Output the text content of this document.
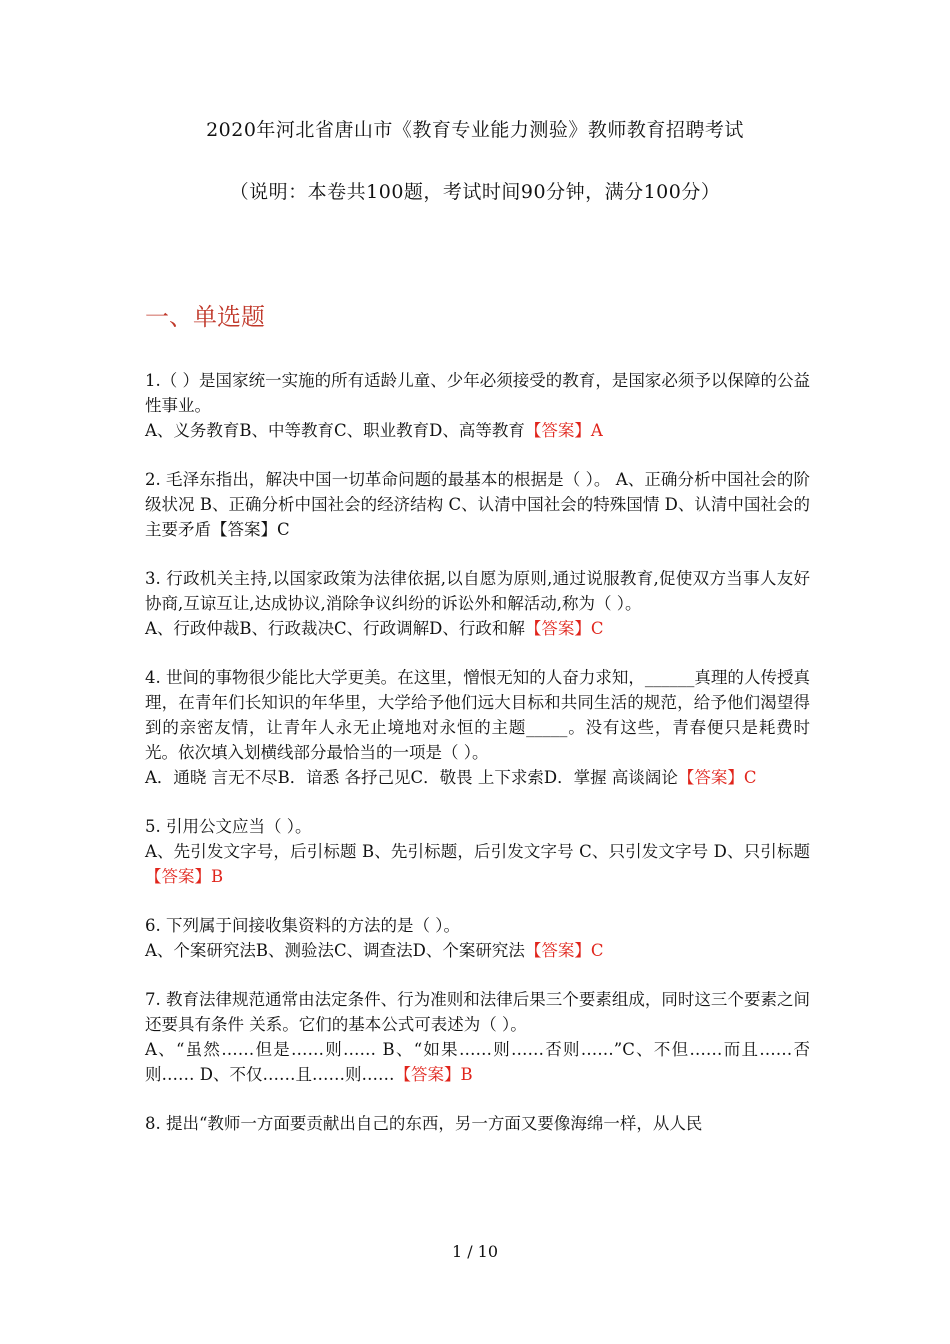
2020年河北省唐山市《教育专业能力测验》教师教育招聘考试
（说明：本卷共100题，考试时间90分钟，满分100分）
一、单选题

1.（ ）是国家统一实施的所有适龄儿童、少年必须接受的教育，是国家必须予以保障的公益性事业。

A、义务教育B、中等教育C、职业教育D、高等教育【答案】A

2. 毛泽东指出，解决中国一切革命问题的最基本的根据是（ ）。 A、正确分析中国社会的阶级状况 B、正确分析中国社会的经济结构 C、认清中国社会的特殊国情 D、认清中国社会的主要矛盾【答案】C

3. 行政机关主持,以国家政策为法律依据,以自愿为原则,通过说服教育,促使双方当事人友好协商,互谅互让,达成协议,消除争议纠纷的诉讼外和解活动,称为（ ）。

A、行政仲裁B、行政裁决C、行政调解D、行政和解【答案】C

4. 世间的事物很少能比大学更美。在这里，憎恨无知的人奋力求知，______真理的人传授真理，在青年们长知识的年华里，大学给予他们远大目标和共同生活的规范，给予他们渴望得到的亲密友情，让青年人永无止境地对永恒的主题_____。没有这些，青春便只是耗费时光。依次填入划横线部分最恰当的一项是（ ）。

A．通晓 言无不尽B．谙悉 各抒己见C．敬畏 上下求索D．掌握 高谈阔论【答案】C

5. 引用公文应当（ ）。

A、先引发文字号，后引标题 B、先引标题，后引发文字号 C、只引发文字号 D、只引标题【答案】B

6. 下列属于间接收集资料的方法的是（ ）。

A、个案研究法B、测验法C、调查法D、个案研究法【答案】C

7. 教育法律规范通常由法定条件、行为准则和法律后果三个要素组成，同时这三个要素之间还要具有条件 关系。它们的基本公式可表述为（ ）。

A、“虽然……但是……则…… B、“如果……则……否则……”C、不但……而且……否则…… D、不仅……且……则……【答案】B

8. 提出“教师一方面要贡献出自己的东西，另一方面又要像海绵一样，从人民

1 / 10
